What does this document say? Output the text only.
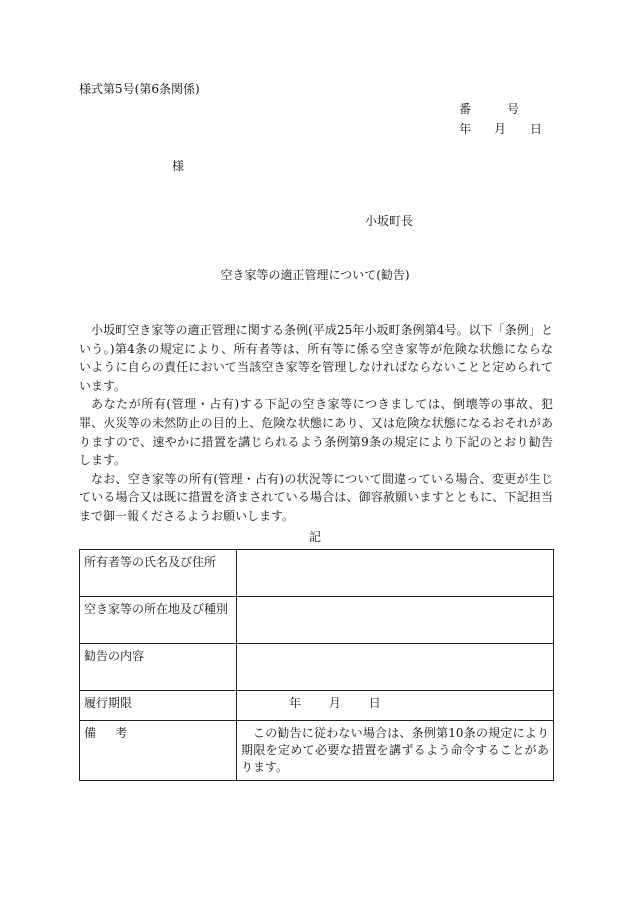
様式第5号(第6条関係)
番	号
年 月 日
様
小坂町長
空き家等の適正管理について(勧告)

小坂町空き家等の適正管理に関する条例(平成25年小坂町条例第4号。以下「条例」という。)第4条の規定により、所有者等は、所有等に係る空き家等が危険な状態にならないように自らの責任において当該空き家等を管理しなければならないことと定められています。

あなたが所有(管理・占有)する下記の空き家等につきましては、倒壊等の事故、犯罪、火災等の未然防止の目的上、危険な状態にあり、又は危険な状態になるおそれがありますので、速やかに措置を講じられるよう条例第9条の規定により下記のとおり勧告します。

なお、空き家等の所有(管理・占有)の状況等について間違っている場合、変更が生じている場合又は既に措置を済まされている場合は、御容赦願いますとともに、下記担当まで御一報くださるようお願いします。

記
所有者等の氏名及び住所	
空き家等の所在地及び種別	
勧告の内容	
履行期限	年 月 日
備考	この勧告に従わない場合は、条例第10条の規定により期限を定めて必要な措置を講ずるよう命令することがあります。
